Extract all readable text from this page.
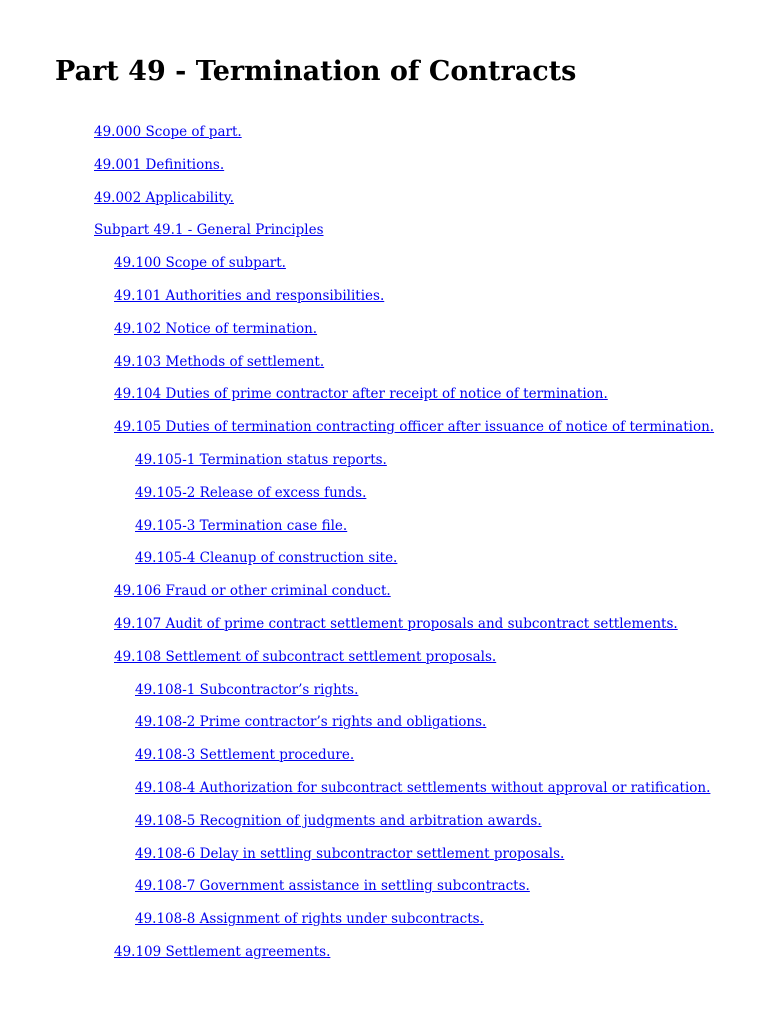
Part 49 - Termination of Contracts
49.000 Scope of part.
49.001 Definitions.
49.002 Applicability.
Subpart 49.1 - General Principles
49.100 Scope of subpart.
49.101 Authorities and responsibilities.
49.102 Notice of termination.
49.103 Methods of settlement.
49.104 Duties of prime contractor after receipt of notice of termination.
49.105 Duties of termination contracting officer after issuance of notice of termination.
49.105-1 Termination status reports.
49.105-2 Release of excess funds.
49.105-3 Termination case file.
49.105-4 Cleanup of construction site.
49.106 Fraud or other criminal conduct.
49.107 Audit of prime contract settlement proposals and subcontract settlements.
49.108 Settlement of subcontract settlement proposals.
49.108-1 Subcontractor’s rights.
49.108-2 Prime contractor’s rights and obligations.
49.108-3 Settlement procedure.
49.108-4 Authorization for subcontract settlements without approval or ratification.
49.108-5 Recognition of judgments and arbitration awards.
49.108-6 Delay in settling subcontractor settlement proposals.
49.108-7 Government assistance in settling subcontracts.
49.108-8 Assignment of rights under subcontracts.
49.109 Settlement agreements.
